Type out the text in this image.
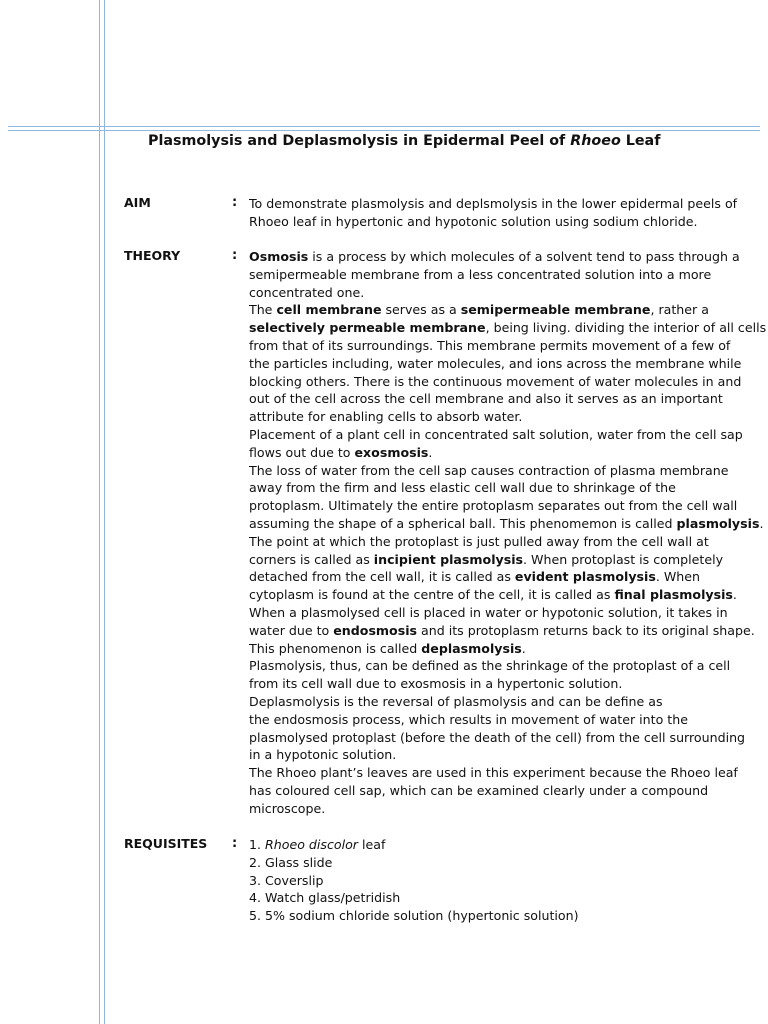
Plasmolysis and Deplasmolysis in Epidermal Peel of Rhoeo Leaf
AIM	: To demonstrate plasmolysis and deplsmolysis in the lower epidermal peels of

Rhoeo leaf in hypertonic and hypotonic solution using sodium chloride.

THEORY	: Osmosis is a process by which molecules of a solvent tend to pass through a

semipermeable membrane from a less concentrated solution into a more

concentrated one.

The cell membrane serves as a semipermeable membrane, rather a

selectively permeable membrane, being living. dividing the interior of all cells

from that of its surroundings. This membrane permits movement of a few of

the particles including, water molecules, and ions across the membrane while

blocking others. There is the continuous movement of water molecules in and

out of the cell across the cell membrane and also it serves as an important

attribute for enabling cells to absorb water.

Placement of a plant cell in concentrated salt solution, water from the cell sap

flows out due to exosmosis.

The loss of water from the cell sap causes contraction of plasma membrane

away from the firm and less elastic cell wall due to shrinkage of the

protoplasm. Ultimately the entire protoplasm separates out from the cell wall

assuming the shape of a spherical ball. This phenomemon is called plasmolysis.

The point at which the protoplast is just pulled away from the cell wall at

corners is called as incipient plasmolysis. When protoplast is completely

detached from the cell wall, it is called as evident plasmolysis. When

cytoplasm is found at the centre of the cell, it is called as final plasmolysis.

When a plasmolysed cell is placed in water or hypotonic solution, it takes in

water due to endosmosis and its protoplasm returns back to its original shape.

This phenomenon is called deplasmolysis.

Plasmolysis, thus, can be defined as the shrinkage of the protoplast of a cell

from its cell wall due to exosmosis in a hypertonic solution.

Deplasmolysis is the reversal of plasmolysis and can be define as

the endosmosis process, which results in movement of water into the

plasmolysed protoplast (before the death of the cell) from the cell surrounding

in a hypotonic solution.

The Rhoeo plant’s leaves are used in this experiment because the Rhoeo leaf

has coloured cell sap, which can be examined clearly under a compound

microscope.

REQUISITES : 1. Rhoeo discolor leaf
2. Glass slide
3. Coverslip
4. Watch glass/petridish
5. 5% sodium chloride solution (hypertonic solution)
